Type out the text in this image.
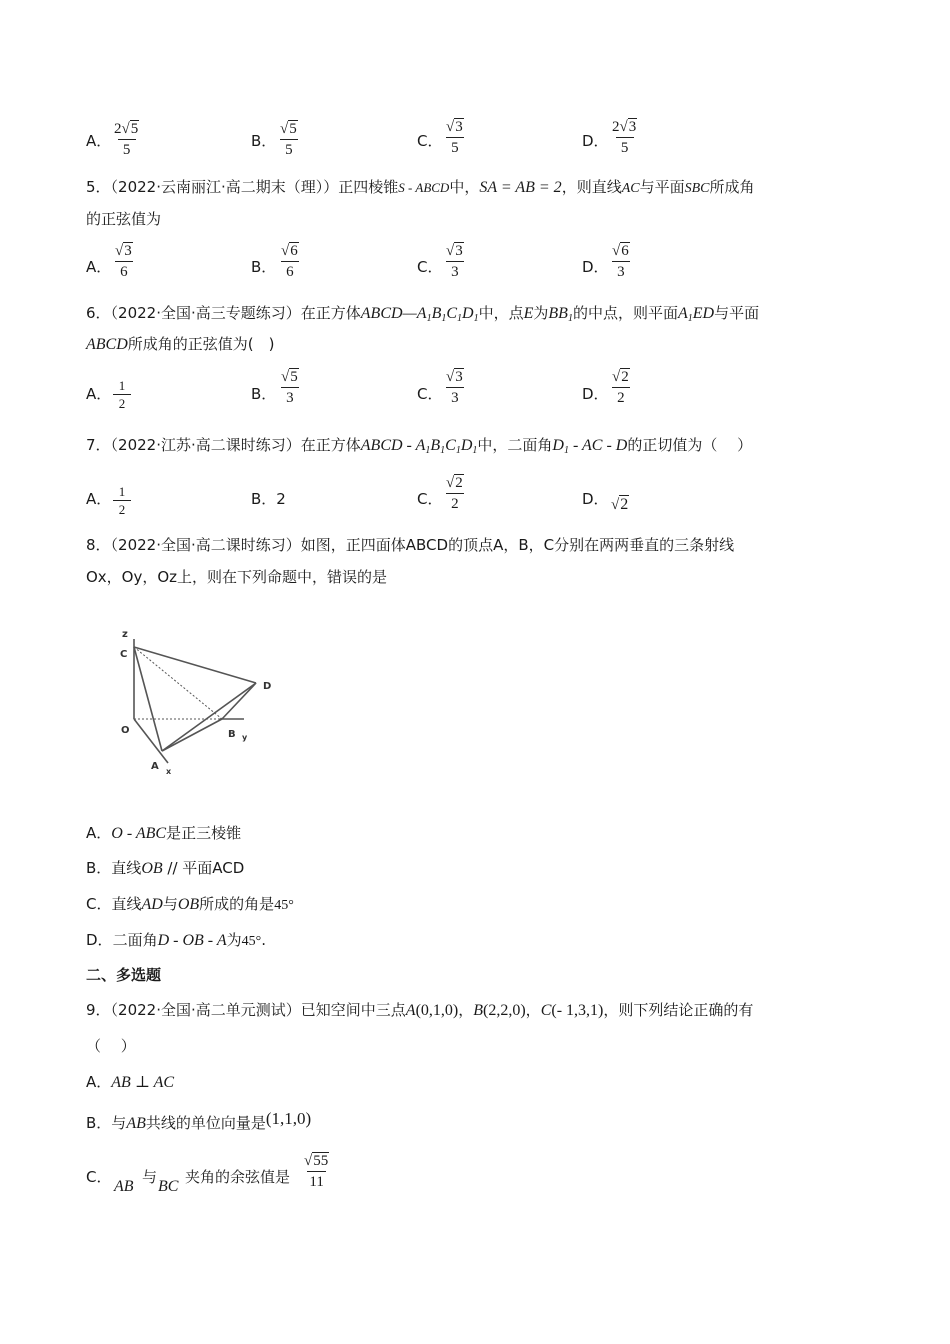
A． $\frac{2√5}{5}$	B． $\frac{√5}{5}$	C． $\frac{√3}{5}$	D． $\frac{2√3}{5}$
5．（2022·云南丽江·高二期末（理））正四棱锥S - ABCD中，SA = AB = 2，则直线AC与平面SBC所成角
的正弦值为
A． $\frac{√3}{6}$	B． $\frac{√6}{6}$	C． $\frac{√3}{3}$	D． $\frac{√6}{3}$
6．（2022·全国·高三专题练习）在正方体$ABCD—A_1B_1C_1D_1$中，点E为$BB_1$的中点，则平面$A_1ED$与平面
ABCD所成角的正弦值为(　)
A． $\frac{1}{2}$	B． $\frac{√5}{3}$	C． $\frac{√3}{3}$	D． $\frac{√2}{2}$
7．（2022·江苏·高二课时练习）在正方体ABCD - $A_1B_1C_1D_1$中，二面角$D_1$ - AC - D的正切值为（　 ）
A． $\frac{1}{2}$	B．2	C． $\frac{√2}{2}$	D． √2
8．（2022·全国·高二课时练习）如图，正四面体ABCD的顶点A，B，C分别在两两垂直的三条射线
Ox，Oy，Oz上，则在下列命题中，错误的是
z
C
D
O	B y
A x
A．O - ABC是正三棱锥
B．直线OB // 平面ACD
C．直线AD与OB所成的角是45°
D．二面角D - OB - A为45°.
二、多选题
9．（2022·全国·高二单元测试）已知空间中三点A(0,1,0)，B(2,2,0)，C(- 1,3,1)，则下列结论正确的有
（　 ）
A．AB ⊥ AC
B．与AB共线的单位向量是(1,1,0)
C．
AB
与
BC
夹角的余弦值是 $\frac{√55}{11}$
